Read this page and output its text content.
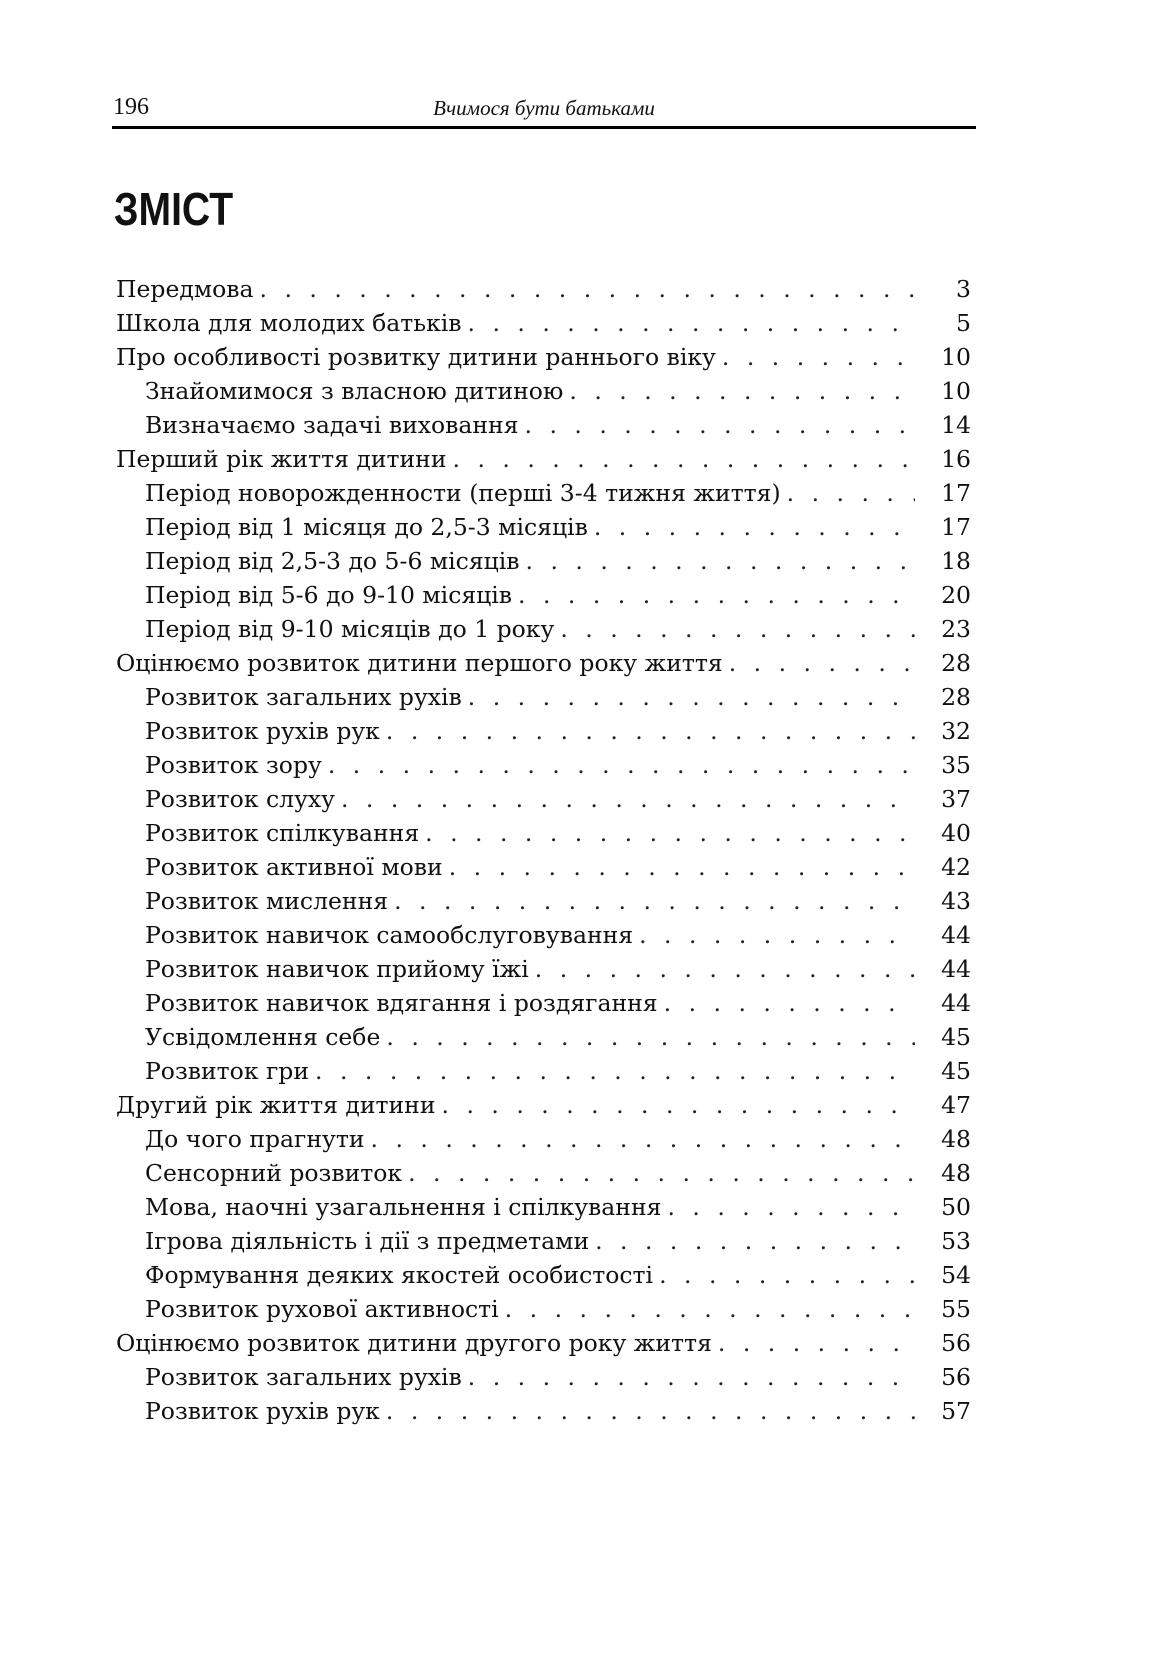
196	Вчимося бути батьками
ЗМІСТ
Передмова . . .	3
Школа для молодих батьків . . .	5
Про особливості розвитку дитини раннього віку . . .	10
Знайомимося з власною дитиною . . .	10
Визначаємо задачі виховання . . .	14
Перший рік життя дитини . . .	16
Період новорожденности (перші 3-4 тижня життя) . . .	17
Період від 1 місяця до 2,5-3 місяців . . .	17
Період від 2,5-3 до 5-6 місяців . . .	18
Період від 5-6 до 9-10 місяців . . .	20
Період від 9-10 місяців до 1 року . . .	23
Оцінюємо розвиток дитини першого року життя . . .	28
Розвиток загальних рухів . . .	28
Розвиток рухів рук . . .	32
Розвиток зору . . .	35
Розвиток слуху . . .	37
Розвиток спілкування . . .	40
Розвиток активної мови . . .	42
Розвиток мислення . . .	43
Розвиток навичок самообслуговування . . .	44
Розвиток навичок прийому їжі . . .	44
Розвиток навичок вдягання і роздягання . . .	44
Усвідомлення себе . . .	45
Розвиток гри . . .	45
Другий рік життя дитини . . .	47
До чого прагнути . . .	48
Сенсорний розвиток . . .	48
Мова, наочні узагальнення і спілкування . . .	50
Ігрова діяльність і дії з предметами . . .	53
Формування деяких якостей особистості . . .	54
Розвиток рухової активності . . .	55
Оцінюємо розвиток дитини другого року життя . . .	56
Розвиток загальних рухів . . .	56
Розвиток рухів рук . . .	57
